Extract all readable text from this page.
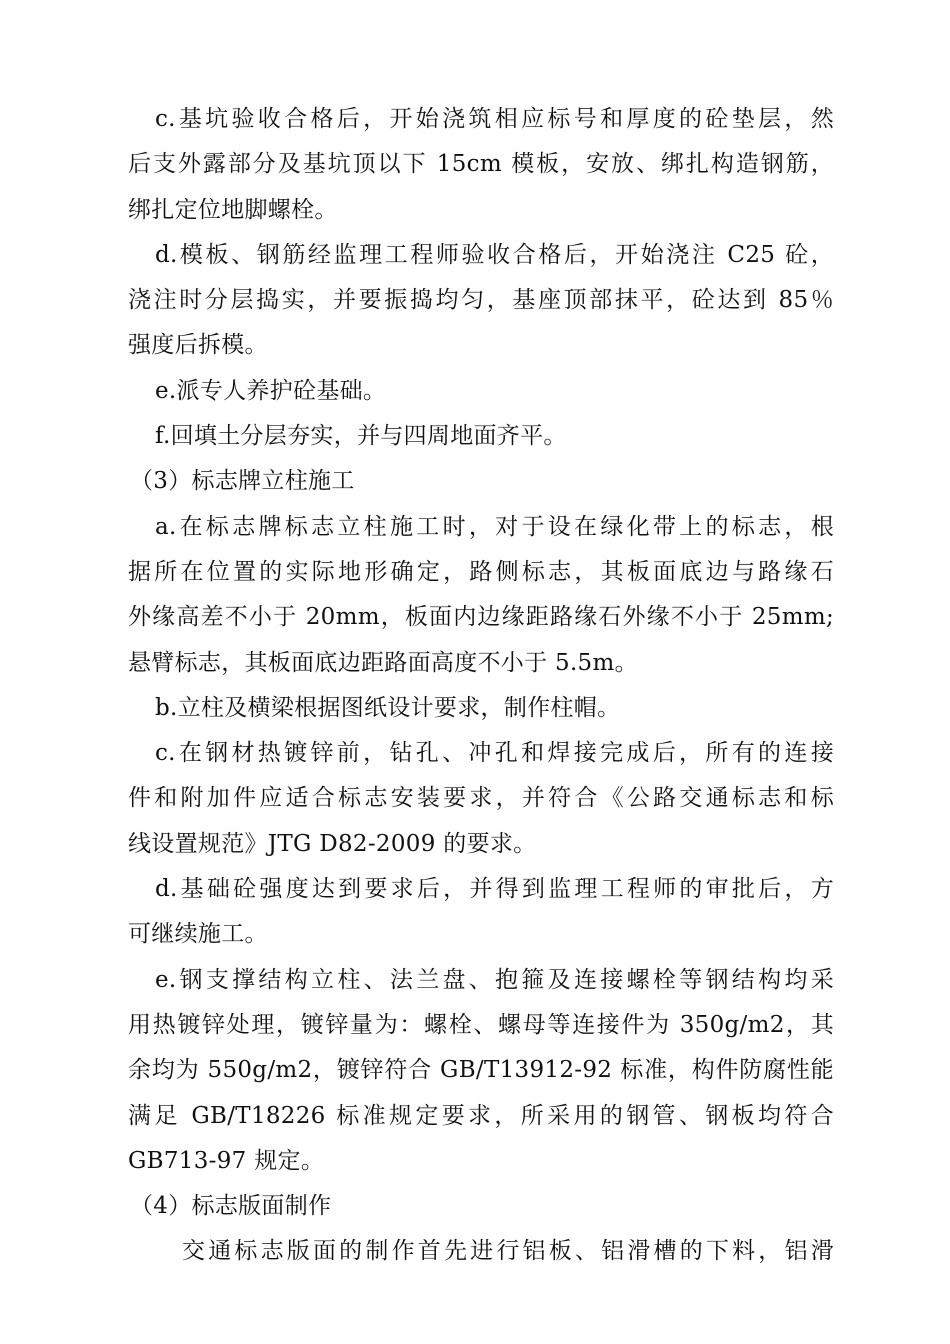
c.基坑验收合格后，开始浇筑相应标号和厚度的砼垫层，然
后支外露部分及基坑顶以下 15cm 模板，安放、绑扎构造钢筋，
绑扎定位地脚螺栓。
d.模板、钢筋经监理工程师验收合格后，开始浇注 C25 砼，
浇注时分层捣实，并要振捣均匀，基座顶部抹平，砼达到 85％
强度后拆模。
e.派专人养护砼基础。
f.回填土分层夯实，并与四周地面齐平。
（3）标志牌立柱施工
a.在标志牌标志立柱施工时，对于设在绿化带上的标志，根
据所在位置的实际地形确定，路侧标志，其板面底边与路缘石
外缘高差不小于 20mm，板面内边缘距路缘石外缘不小于 25mm;
悬臂标志，其板面底边距路面高度不小于 5.5m。
b.立柱及横梁根据图纸设计要求，制作柱帽。
c.在钢材热镀锌前，钻孔、冲孔和焊接完成后，所有的连接
件和附加件应适合标志安装要求，并符合《公路交通标志和标
线设置规范》JTG D82-2009 的要求。
d.基础砼强度达到要求后，并得到监理工程师的审批后，方
可继续施工。
e.钢支撑结构立柱、法兰盘、抱箍及连接螺栓等钢结构均采
用热镀锌处理，镀锌量为：螺栓、螺母等连接件为 350g/m2，其
余均为 550g/m2，镀锌符合 GB/T13912-92 标准，构件防腐性能
满足 GB/T18226 标准规定要求，所采用的钢管、钢板均符合
GB713-97 规定。
（4）标志版面制作
交通标志版面的制作首先进行铝板、铝滑槽的下料，铝滑
